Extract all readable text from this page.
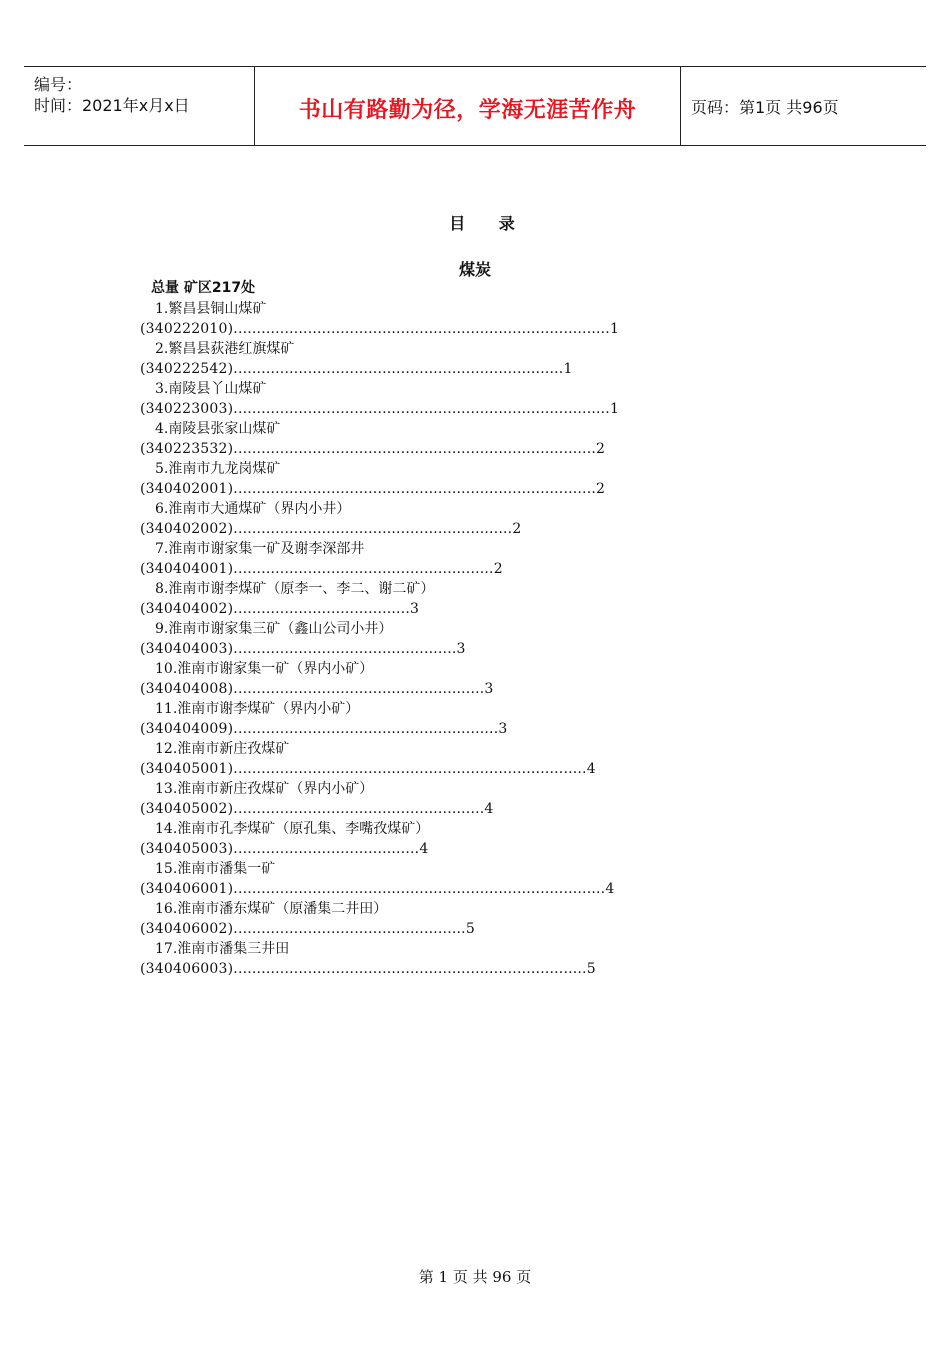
编号：
时间：2021年x月x日	书山有路勤为径，学海无涯苦作舟	页码：第1页 共96页
目 录
煤炭
总量 矿区217处
1.繁昌县铜山煤矿
(340222010).................................................................................1
2.繁昌县荻港红旗煤矿
(340222542).......................................................................1
3.南陵县丫山煤矿
(340223003).................................................................................1
4.南陵县张家山煤矿
(340223532)..............................................................................2
5.淮南市九龙岗煤矿
(340402001)..............................................................................2
6.淮南市大通煤矿（界内小井）
(340402002)............................................................2
7.淮南市谢家集一矿及谢李深部井
(340404001)........................................................2
8.淮南市谢李煤矿（原李一、李二、谢二矿）
(340404002)......................................3
9.淮南市谢家集三矿（鑫山公司小井）
(340404003)................................................3
10.淮南市谢家集一矿（界内小矿）
(340404008)......................................................3
11.淮南市谢李煤矿（界内小矿）
(340404009).........................................................3
12.淮南市新庄孜煤矿
(340405001)............................................................................4
13.淮南市新庄孜煤矿（界内小矿）
(340405002)......................................................4
14.淮南市孔李煤矿（原孔集、李嘴孜煤矿）
(340405003)........................................4
15.淮南市潘集一矿
(340406001)................................................................................4
16.淮南市潘东煤矿（原潘集二井田）
(340406002)..................................................5
17.淮南市潘集三井田
(340406003)............................................................................5
第 1 页 共 96 页
